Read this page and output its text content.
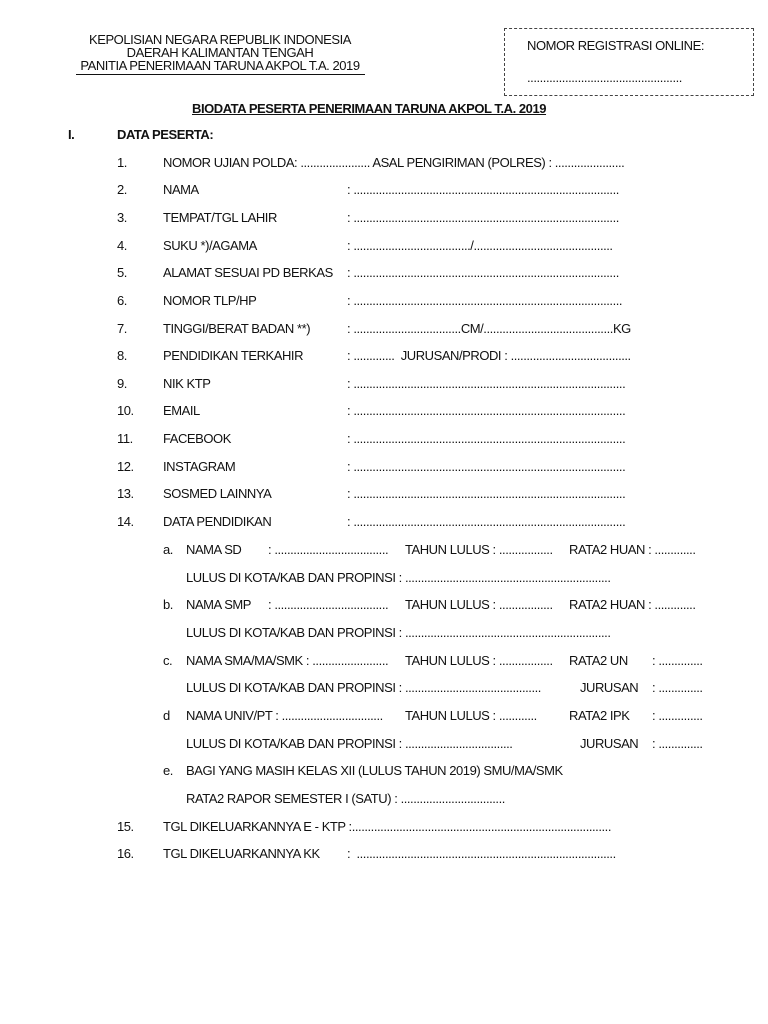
KEPOLISIAN NEGARA REPUBLIK INDONESIA
DAERAH KALIMANTAN TENGAH
PANITIA PENERIMAAN TARUNA AKPOL T.A. 2019
NOMOR REGISTRASI ONLINE:
.................................................
BIODATA PESERTA PENERIMAAN TARUNA AKPOL T.A. 2019
I.	DATA PESERTA:
1.	NOMOR UJIAN POLDA: ...................... ASAL PENGIRIMAN (POLRES) : ......................
2.	NAMA	: ....................................................................................
3.	TEMPAT/TGL LAHIR	: ....................................................................................
4.	SUKU *)/AGAMA	: ...................................../............................................
5.	ALAMAT SESUAI PD BERKAS : ....................................................................................
6.	NOMOR TLP/HP	: .....................................................................................
7.	TINGGI/BERAT BADAN **)	: ..................................CM/.........................................KG
8.	PENDIDIKAN TERKAHIR	: .............  JURUSAN/PRODI : ......................................
9.	NIK KTP	: ......................................................................................
10. EMAIL	: ......................................................................................
11. FACEBOOK	: ......................................................................................
12. INSTAGRAM	: ......................................................................................
13. SOSMED LAINNYA	: ......................................................................................
14. DATA PENDIDIKAN	: ......................................................................................
a. NAMA SD : .................................... TAHUN LULUS : ................. RATA2 HUAN : .............
LULUS DI KOTA/KAB DAN PROPINSI : .................................................................
b. NAMA SMP : .................................... TAHUN LULUS : ................. RATA2 HUAN : .............
LULUS DI KOTA/KAB DAN PROPINSI : .................................................................
c. NAMA SMA/MA/SMK : ........................ TAHUN LULUS : ................. RATA2 UN : ..............
LULUS DI KOTA/KAB DAN PROPINSI : ...........................................	JURUSAN : ..............
d NAMA UNIV/PT : ................................ TAHUN LULUS : ............ RATA2 IPK : ..............
LULUS DI KOTA/KAB DAN PROPINSI : ..................................	JURUSAN : ..............
e. BAGI YANG MASIH KELAS XII (LULUS TAHUN 2019) SMU/MA/SMK
RATA2 RAPOR SEMESTER I (SATU) : .................................
15. TGL DIKELUARKANNYA E - KTP :..................................................................................
16. TGL DIKELUARKANNYA KK :  ..................................................................................
